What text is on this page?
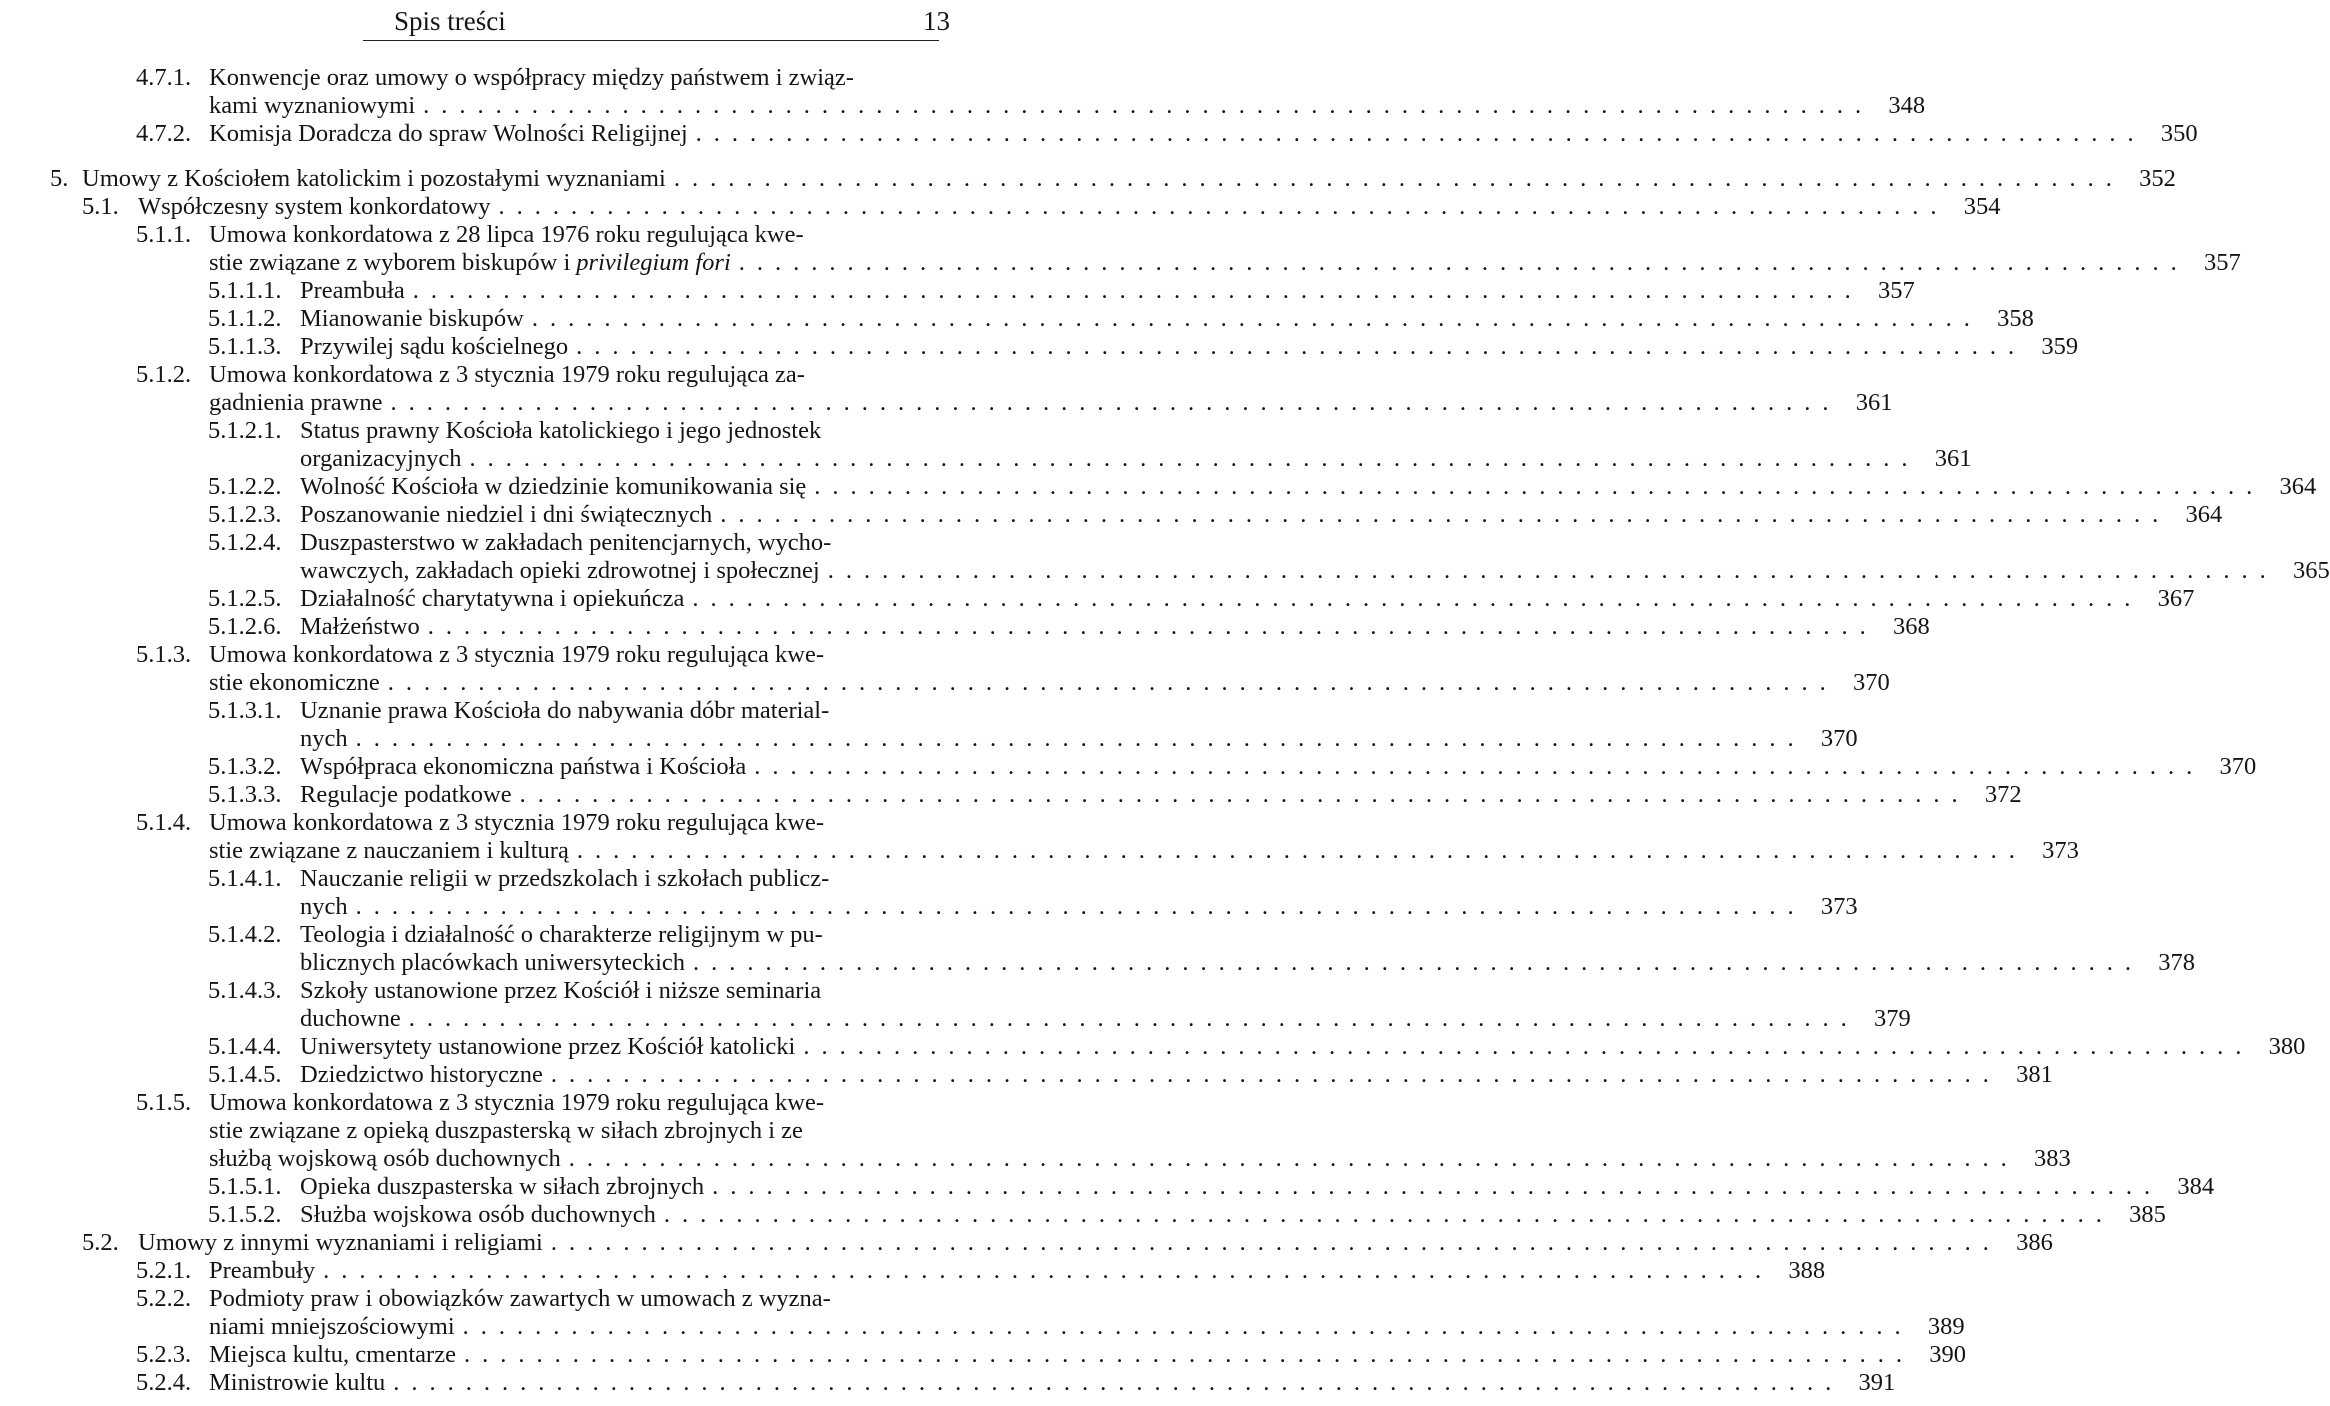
Spis treści	13
4.7.1. Konwencje oraz umowy o współpracy między państwem i związ-
kami wyznaniowymi ................................................................................ 348
4.7.2. Komisja Doradcza do spraw Wolności Religijnej ................................................................................ 350
5. Umowy z Kościołem katolickim i pozostałymi wyznaniami ................................................................................ 352
5.1. Współczesny system konkordatowy ................................................................................ 354
5.1.1. Umowa konkordatowa z 28 lipca 1976 roku regulująca kwe-
stie związane z wyborem biskupów i privilegium fori ................................................................................ 357
5.1.1.1. Preambuła ................................................................................ 357
5.1.1.2. Mianowanie biskupów ................................................................................ 358
5.1.1.3. Przywilej sądu kościelnego ................................................................................ 359
5.1.2. Umowa konkordatowa z 3 stycznia 1979 roku regulująca za-
gadnienia prawne ................................................................................ 361
5.1.2.1. Status prawny Kościoła katolickiego i jego jednostek
organizacyjnych ................................................................................ 361
5.1.2.2. Wolność Kościoła w dziedzinie komunikowania się ................................................................................ 364
5.1.2.3. Poszanowanie niedziel i dni świątecznych ................................................................................ 364
5.1.2.4. Duszpasterstwo w zakładach penitencjarnych, wycho-
wawczych, zakładach opieki zdrowotnej i społecznej ................................................................................ 365
5.1.2.5. Działalność charytatywna i opiekuńcza ................................................................................ 367
5.1.2.6. Małżeństwo ................................................................................ 368
5.1.3. Umowa konkordatowa z 3 stycznia 1979 roku regulująca kwe-
stie ekonomiczne ................................................................................ 370
5.1.3.1. Uznanie prawa Kościoła do nabywania dóbr material-
nych ................................................................................ 370
5.1.3.2. Współpraca ekonomiczna państwa i Kościoła ................................................................................ 370
5.1.3.3. Regulacje podatkowe ................................................................................ 372
5.1.4. Umowa konkordatowa z 3 stycznia 1979 roku regulująca kwe-
stie związane z nauczaniem i kulturą ................................................................................ 373
5.1.4.1. Nauczanie religii w przedszkolach i szkołach publicz-
nych ................................................................................ 373
5.1.4.2. Teologia i działalność o charakterze religijnym w pu-
blicznych placówkach uniwersyteckich ................................................................................ 378
5.1.4.3. Szkoły ustanowione przez Kościół i niższe seminaria
duchowne ................................................................................ 379
5.1.4.4. Uniwersytety ustanowione przez Kościół katolicki ................................................................................ 380
5.1.4.5. Dziedzictwo historyczne ................................................................................ 381
5.1.5. Umowa konkordatowa z 3 stycznia 1979 roku regulująca kwe-
stie związane z opieką duszpasterską w siłach zbrojnych i ze
służbą wojskową osób duchownych ................................................................................ 383
5.1.5.1. Opieka duszpasterska w siłach zbrojnych ................................................................................ 384
5.1.5.2. Służba wojskowa osób duchownych ................................................................................ 385
5.2. Umowy z innymi wyznaniami i religiami ................................................................................ 386
5.2.1. Preambuły ................................................................................ 388
5.2.2. Podmioty praw i obowiązków zawartych w umowach z wyzna-
niami mniejszościowymi ................................................................................ 389
5.2.3. Miejsca kultu, cmentarze ................................................................................ 390
5.2.4. Ministrowie kultu ................................................................................ 391
